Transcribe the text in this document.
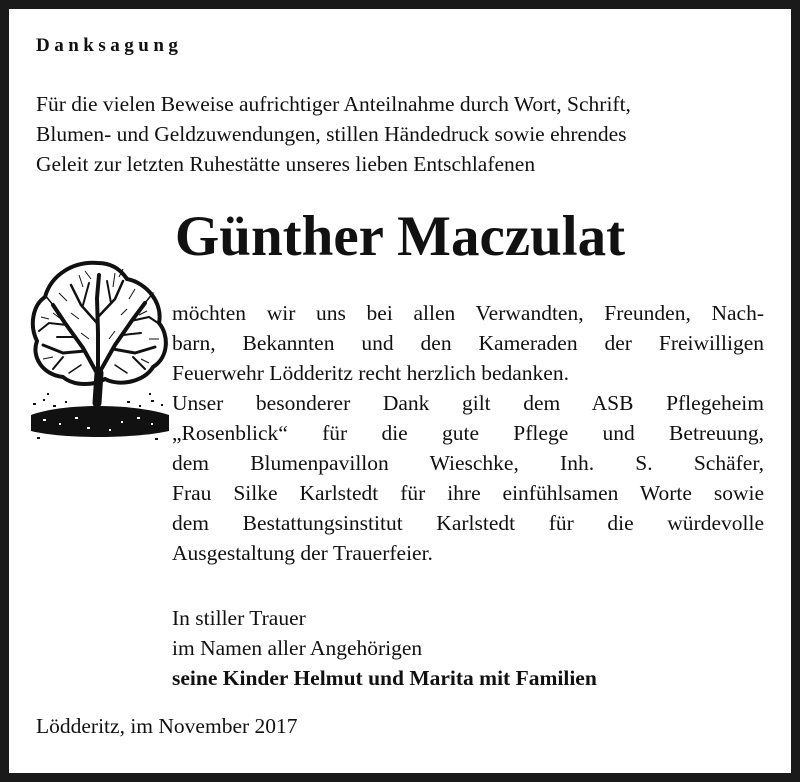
Danksagung
Für die vielen Beweise aufrichtiger Anteilnahme durch Wort, Schrift,
Blumen- und Geldzuwendungen, stillen Händedruck sowie ehrendes
Geleit zur letzten Ruhestätte unseres lieben Entschlafenen
Günther Maczulat
möchten wir uns bei allen Verwandten, Freunden, Nach-
barn, Bekannten und den Kameraden der Freiwilligen
Feuerwehr Lödderitz recht herzlich bedanken.
Unser besonderer Dank gilt dem ASB Pflegeheim
„Rosenblick“ für die gute Pflege und Betreuung,
dem Blumenpavillon Wieschke, Inh. S. Schäfer,
Frau Silke Karlstedt für ihre einfühlsamen Worte sowie
dem Bestattungsinstitut Karlstedt für die würdevolle
Ausgestaltung der Trauerfeier.
In stiller Trauer
im Namen aller Angehörigen
seine Kinder Helmut und Marita mit Familien
Lödderitz, im November 2017
